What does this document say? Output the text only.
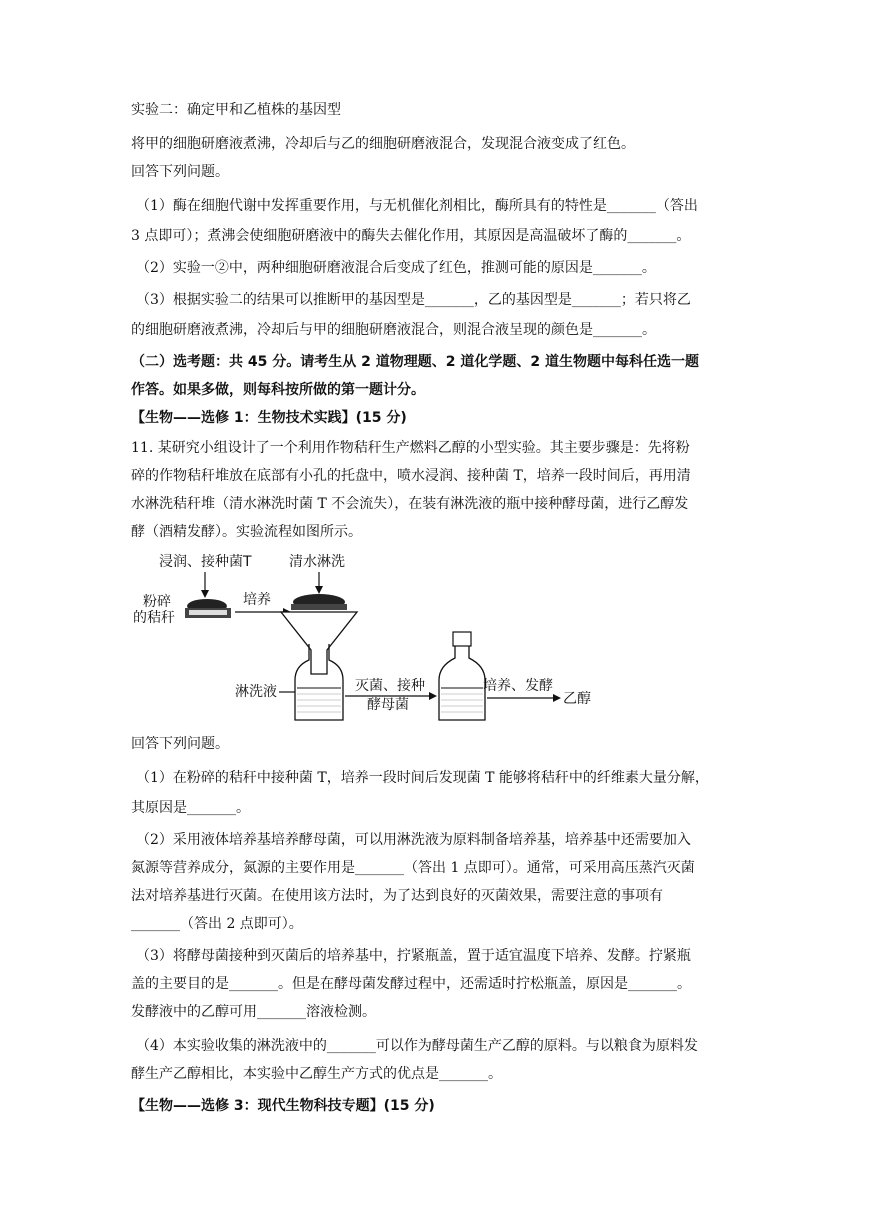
实验二：确定甲和乙植株的基因型
将甲的细胞研磨液煮沸，冷却后与乙的细胞研磨液混合，发现混合液变成了红色。
回答下列问题。
（1）酶在细胞代谢中发挥重要作用，与无机催化剂相比，酶所具有的特性是_______（答出
3 点即可）；煮沸会使细胞研磨液中的酶失去催化作用，其原因是高温破坏了酶的_______。
（2）实验一②中，两种细胞研磨液混合后变成了红色，推测可能的原因是_______。
（3）根据实验二的结果可以推断甲的基因型是_______，乙的基因型是_______；若只将乙
的细胞研磨液煮沸，冷却后与甲的细胞研磨液混合，则混合液呈现的颜色是_______。
（二）选考题：共 45 分。请考生从 2 道物理题、2 道化学题、2 道生物题中每科任选一题
作答。如果多做，则每科按所做的第一题计分。
【生物——选修 1：生物技术实践】(15 分)
11. 某研究小组设计了一个利用作物秸秆生产燃料乙醇的小型实验。其主要步骤是：先将粉
碎的作物秸秆堆放在底部有小孔的托盘中，喷水浸润、接种菌 T，培养一段时间后，再用清
水淋洗秸秆堆（清水淋洗时菌 T 不会流失），在装有淋洗液的瓶中接种酵母菌，进行乙醇发
酵（酒精发酵）。实验流程如图所示。
浸润、接种菌T	清水淋洗
粉碎
的秸秆
培养
淋洗液	灭菌、接种
酵母菌
培养、发酵
乙醇
回答下列问题。
（1）在粉碎的秸秆中接种菌 T，培养一段时间后发现菌 T 能够将秸秆中的纤维素大量分解，
其原因是_______。
（2）采用液体培养基培养酵母菌，可以用淋洗液为原料制备培养基，培养基中还需要加入
氮源等营养成分，氮源的主要作用是_______（答出 1 点即可）。通常，可采用高压蒸汽灭菌
法对培养基进行灭菌。在使用该方法时，为了达到良好的灭菌效果，需要注意的事项有
_______（答出 2 点即可）。
（3）将酵母菌接种到灭菌后的培养基中，拧紧瓶盖，置于适宜温度下培养、发酵。拧紧瓶
盖的主要目的是_______。但是在酵母菌发酵过程中，还需适时拧松瓶盖，原因是_______。
发酵液中的乙醇可用_______溶液检测。
（4）本实验收集的淋洗液中的_______可以作为酵母菌生产乙醇的原料。与以粮食为原料发
酵生产乙醇相比，本实验中乙醇生产方式的优点是_______。
【生物——选修 3：现代生物科技专题】(15 分)
